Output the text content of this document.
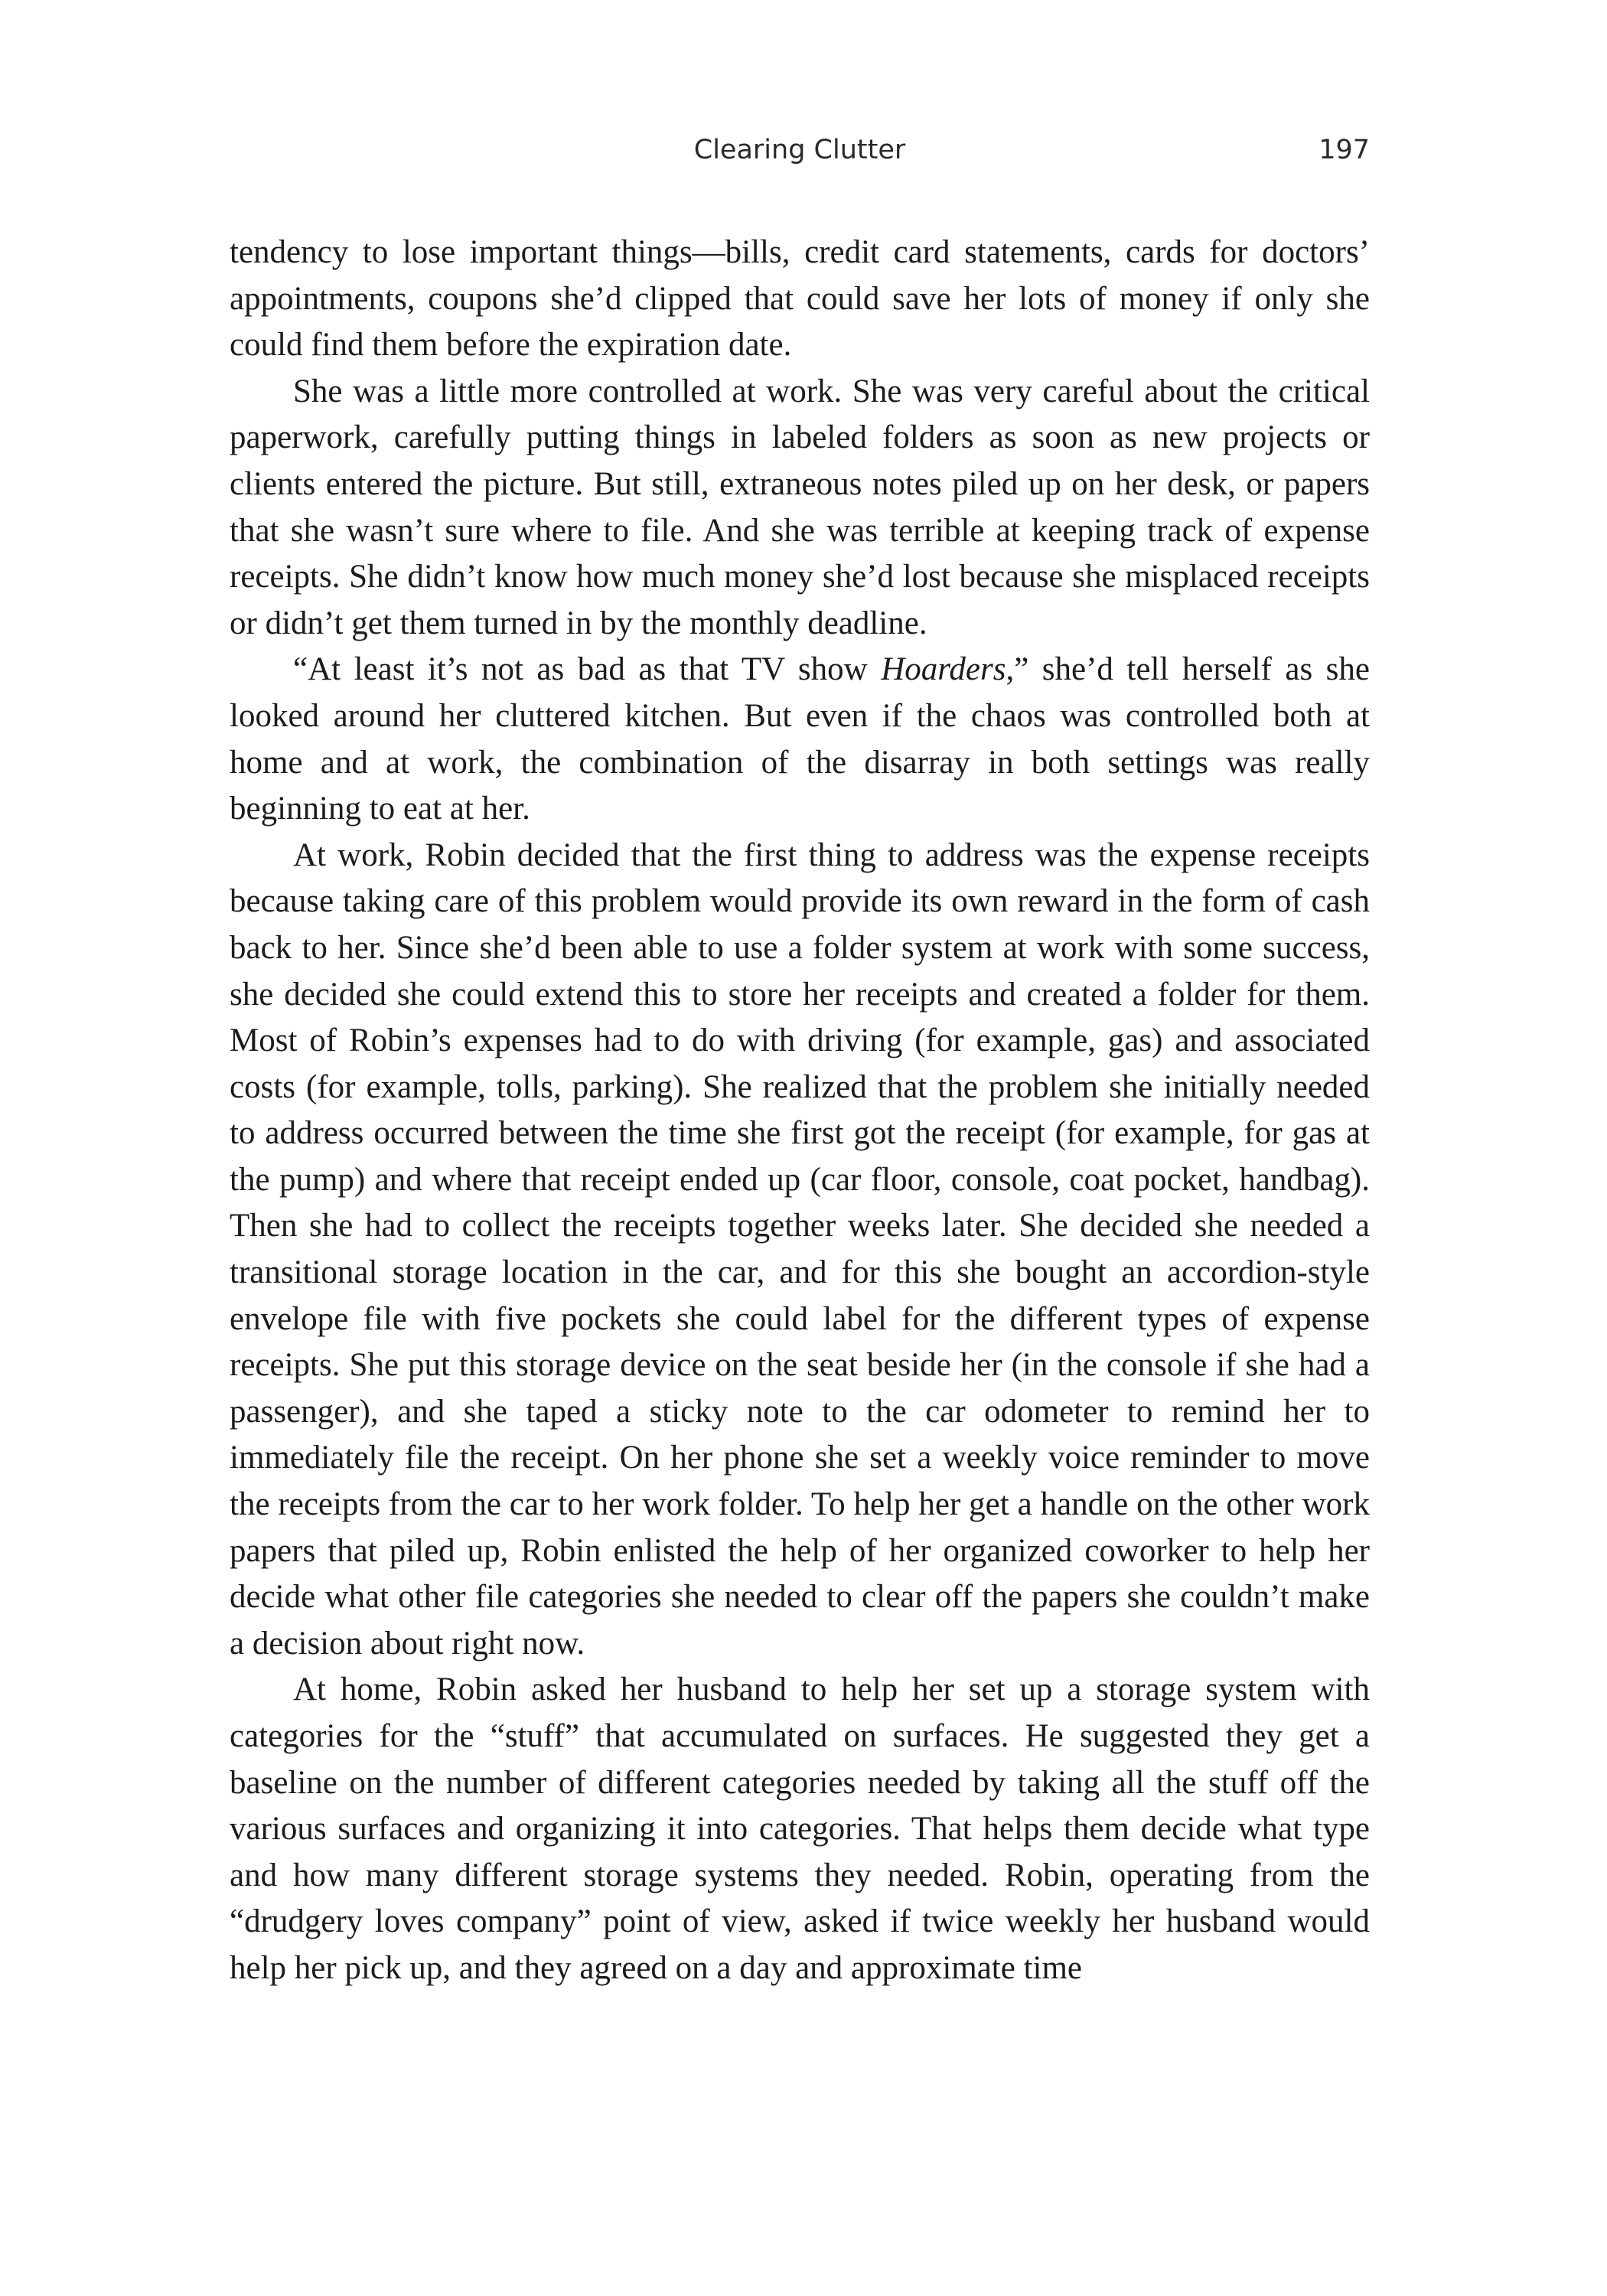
Clearing Clutter	197

tendency to lose important things—bills, credit card statements, cards for doctors’ appointments, coupons she’d clipped that could save her lots of money if only she could find them before the expiration date.

She was a little more controlled at work. She was very careful about the critical paperwork, carefully putting things in labeled folders as soon as new projects or clients entered the picture. But still, extraneous notes piled up on her desk, or papers that she wasn’t sure where to file. And she was terrible at keeping track of expense receipts. She didn’t know how much money she’d lost because she misplaced receipts or didn’t get them turned in by the monthly deadline.

“At least it’s not as bad as that TV show Hoarders,” she’d tell herself as she looked around her cluttered kitchen. But even if the chaos was controlled both at home and at work, the combination of the disarray in both settings was really beginning to eat at her.

At work, Robin decided that the first thing to address was the expense receipts because taking care of this problem would provide its own reward in the form of cash back to her. Since she’d been able to use a folder system at work with some success, she decided she could extend this to store her receipts and created a folder for them. Most of Robin’s expenses had to do with driving (for example, gas) and associated costs (for example, tolls, parking). She realized that the problem she initially needed to address occurred between the time she first got the receipt (for example, for gas at the pump) and where that receipt ended up (car floor, console, coat pocket, handbag). Then she had to collect the receipts together weeks later. She decided she needed a transitional storage location in the car, and for this she bought an accordion-style envelope file with five pockets she could label for the different types of expense receipts. She put this storage device on the seat beside her (in the console if she had a passenger), and she taped a sticky note to the car odometer to remind her to immediately file the receipt. On her phone she set a weekly voice reminder to move the receipts from the car to her work folder. To help her get a handle on the other work papers that piled up, Robin enlisted the help of her organized coworker to help her decide what other file categories she needed to clear off the papers she couldn’t make a decision about right now.

At home, Robin asked her husband to help her set up a storage system with categories for the “stuff” that accumulated on surfaces. He suggested they get a baseline on the number of different categories needed by taking all the stuff off the various surfaces and organizing it into categories. That helps them decide what type and how many different storage systems they needed. Robin, operating from the “drudgery loves company” point of view, asked if twice weekly her husband would help her pick up, and they agreed on a day and approximate time
